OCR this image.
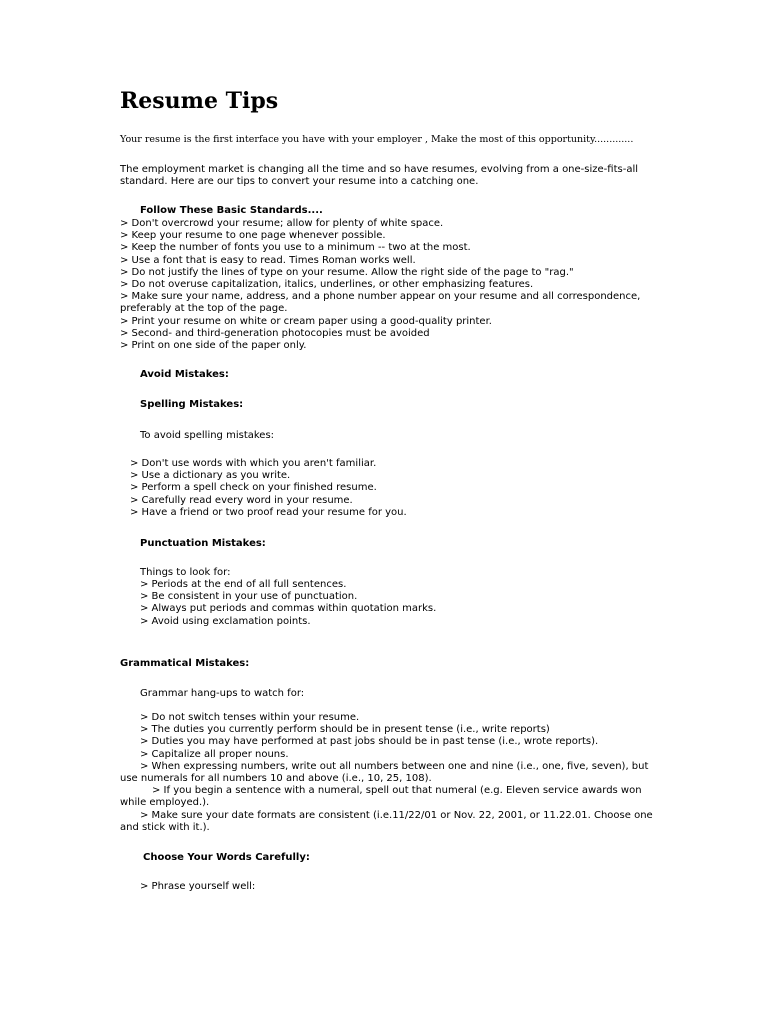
Resume Tips

Your resume is the first interface you have with your employer , Make the most of this opportunity.............

The employment market is changing all the time and so have resumes, evolving from a one-size-fits-all standard. Here are our tips to convert your resume into a catching one.

Follow These Basic Standards....
> Don't overcrowd your resume; allow for plenty of white space.
> Keep your resume to one page whenever possible.
> Keep the number of fonts you use to a minimum -- two at the most.
> Use a font that is easy to read. Times Roman works well.
> Do not justify the lines of type on your resume. Allow the right side of the page to "rag."
> Do not overuse capitalization, italics, underlines, or other emphasizing features.
> Make sure your name, address, and a phone number appear on your resume and all correspondence, preferably at the top of the page.
> Print your resume on white or cream paper using a good-quality printer.
> Second- and third-generation photocopies must be avoided
> Print on one side of the paper only.
Avoid Mistakes:
Spelling Mistakes:
To avoid spelling mistakes:
> Don't use words with which you aren't familiar.
> Use a dictionary as you write.
> Perform a spell check on your finished resume.
> Carefully read every word in your resume.
> Have a friend or two proof read your resume for you.
Punctuation Mistakes:
Things to look for:
> Periods at the end of all full sentences.
> Be consistent in your use of punctuation.
> Always put periods and commas within quotation marks.
> Avoid using exclamation points.
Grammatical Mistakes:
Grammar hang-ups to watch for:
> Do not switch tenses within your resume.
> The duties you currently perform should be in present tense (i.e., write reports)
> Duties you may have performed at past jobs should be in past tense (i.e., wrote reports).
> Capitalize all proper nouns.
> When expressing numbers, write out all numbers between one and nine (i.e., one, five, seven), but use numerals for all numbers 10 and above (i.e., 10, 25, 108).
> If you begin a sentence with a numeral, spell out that numeral (e.g. Eleven service awards won while employed.).
> Make sure your date formats are consistent (i.e.11/22/01 or Nov. 22, 2001, or 11.22.01. Choose one and stick with it.).
Choose Your Words Carefully:
> Phrase yourself well:
